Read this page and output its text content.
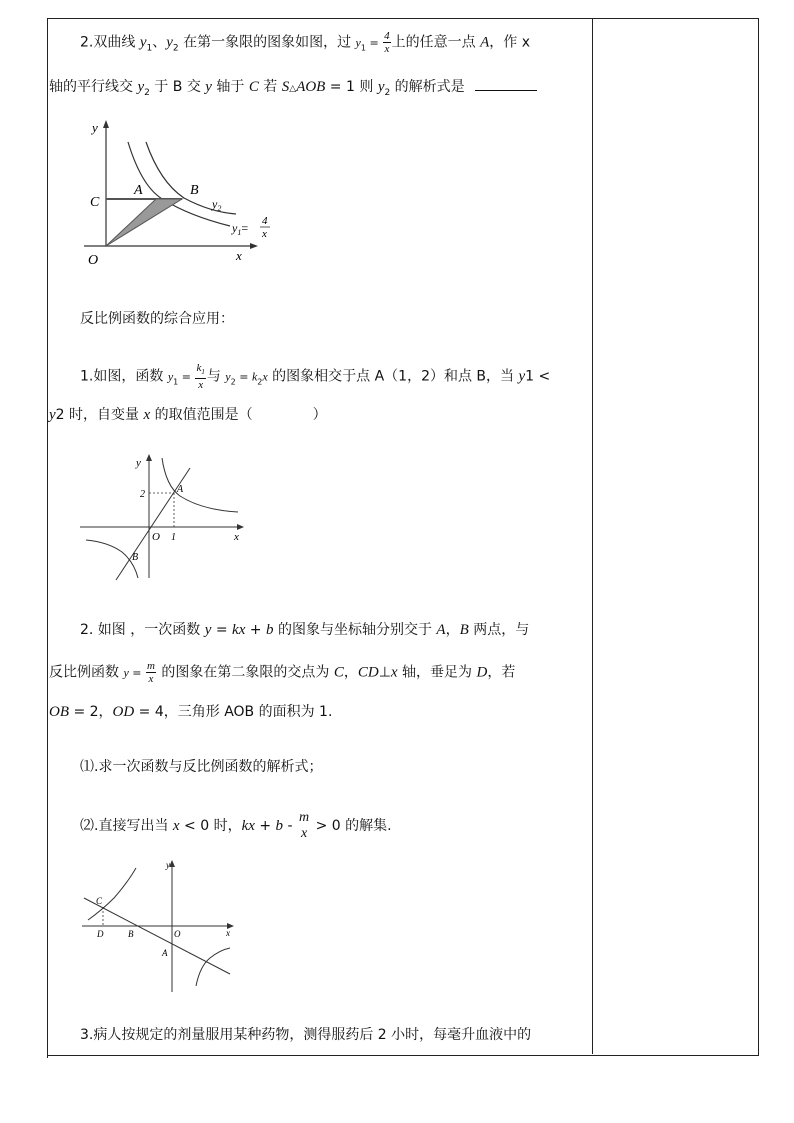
2.双曲线 $y_1$、$y_2$ 在第一象限的图象如图，过 $y_1 = \frac{4}{x}$ 上的任意一点 A，作 x
轴的平行线交 $y_2$ 于 B 交 y 轴于 C 若 S△AOB = 1 则 $y_2$ 的解析式是
y
x
O
C
A	B
$y_2$
$y_1= 4$
x
反比例函数的综合应用：
1.如图，函数 $y_1 = \frac{k_1}{x}$ 与 $y_2 = k_2x$ 的图象相交于点 A（1，2）和点 B，当 y1 <
y2 时，自变量 x 的取值范围是（	）
y
x
O
2
1
A
B
2. 如图 ，一次函数 y = kx + b 的图象与坐标轴分别交于 A，B 两点，与
反比例函数 $y = \frac{m}{x}$ 的图象在第二象限的交点为 C，CD⊥x 轴，垂足为 D，若
OB = 2，OD = 4，三角形 AOB 的面积为 1.
⑴.求一次函数与反比例函数的解析式；
⑵.直接写出当 x < 0 时，kx + b -
m
x > 0 的解集.
y
x
O
C
D	B
A
3.病人按规定的剂量服用某种药物，测得服药后 2 小时，每毫升血液中的
